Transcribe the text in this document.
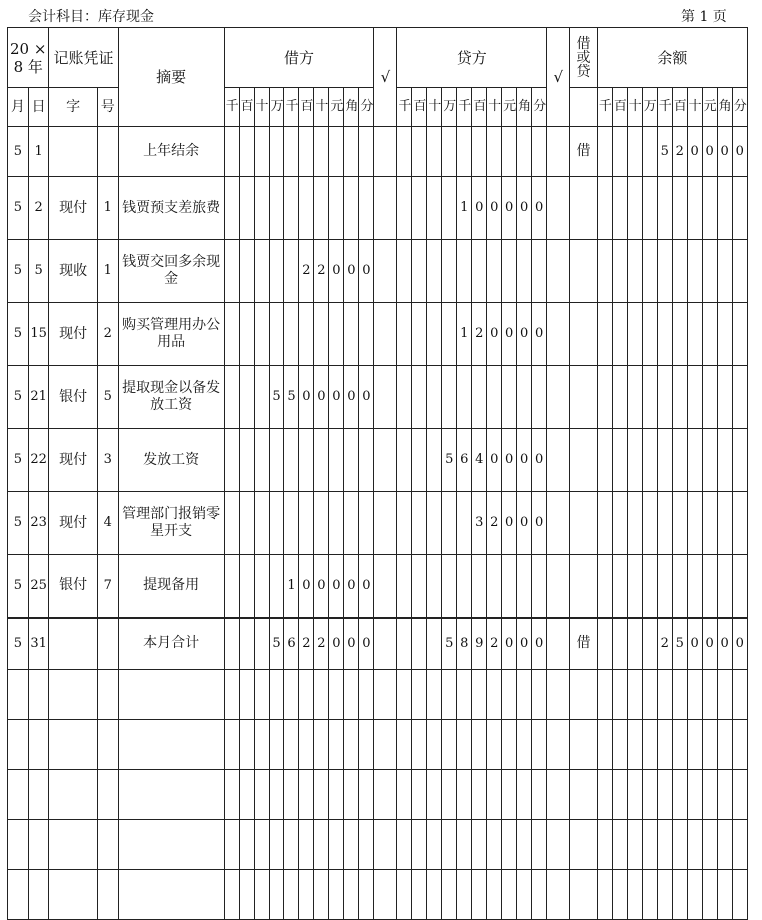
会计科目：库存现金	第 1 页
20 × 8 年		记账凭证		摘要	借方										√	贷方										√	借或贷	余额									
月	日	字	号		千	百	十	万	千	百	十	元	角	分		千	百	十	万	千	百	十	元	角	分			千	百	十	万	千	百	十	元	角	分
5	1			上年结余																							借					5	2	0	0	0	0
5	2	现付	1	钱贾预支差旅费																1	0	0	0	0	0												
5	5	现收	1	钱贾交回多余现金						2	2	0	0	0																							
5	15	现付	2	购买管理用办公用品																1	2	0	0	0	0												
5	21	银付	5	提取现金以备发放工资				5	5	0	0	0	0	0																							
5	22	现付	3	发放工资															5	6	4	0	0	0	0												
5	23	现付	4	管理部门报销零星开支																	3	2	0	0	0												
5	25	银付	7	提现备用					1	0	0	0	0	0																							
5	31			本月合计				5	6	2	2	0	0	0					5	8	9	2	0	0	0		借					2	5	0	0	0	0
